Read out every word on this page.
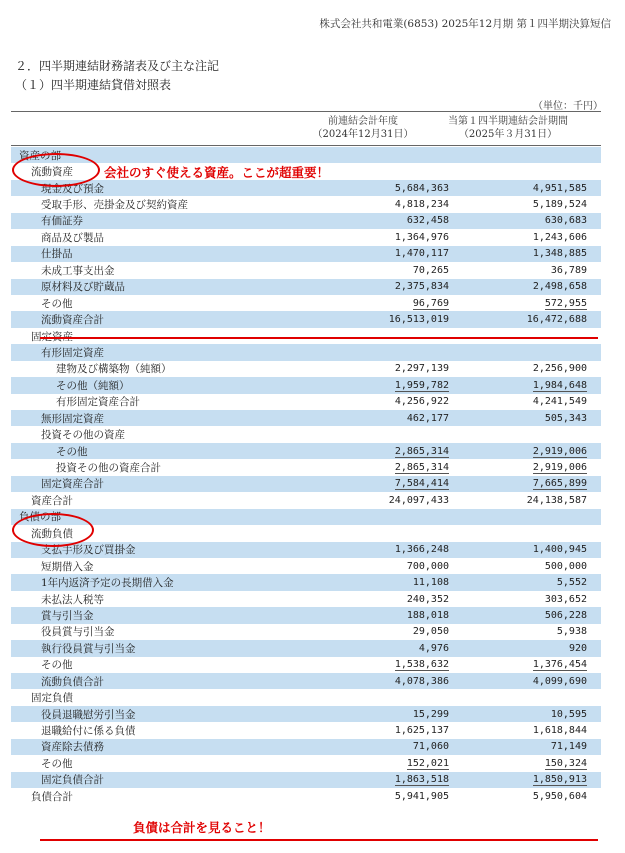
株式会社共和電業(6853) 2025年12月期 第１四半期決算短信
２．四半期連結財務諸表及び主な注記
（１）四半期連結貸借対照表
（単位：千円）
前連結会計年度
（2024年12月31日）
当第１四半期連結会計期間
（2025年３月31日）
資産の部		
流動資産		
現金及び預金	5,684,363	4,951,585
受取手形、売掛金及び契約資産	4,818,234	5,189,524
有価証券	632,458	630,683
商品及び製品	1,364,976	1,243,606
仕掛品	1,470,117	1,348,885
未成工事支出金	70,265	36,789
原材料及び貯蔵品	2,375,834	2,498,658
その他	96,769	572,955
流動資産合計	16,513,019	16,472,688
固定資産		
有形固定資産		
建物及び構築物（純額）	2,297,139	2,256,900
その他（純額）	1,959,782	1,984,648
有形固定資産合計	4,256,922	4,241,549
無形固定資産	462,177	505,343
投資その他の資産		
その他	2,865,314	2,919,006
投資その他の資産合計	2,865,314	2,919,006
固定資産合計	7,584,414	7,665,899
資産合計	24,097,433	24,138,587
負債の部		
流動負債		
支払手形及び買掛金	1,366,248	1,400,945
短期借入金	700,000	500,000
1年内返済予定の長期借入金	11,108	5,552
未払法人税等	240,352	303,652
賞与引当金	188,018	506,228
役員賞与引当金	29,050	5,938
執行役員賞与引当金	4,976	920
その他	1,538,632	1,376,454
流動負債合計	4,078,386	4,099,690
固定負債		
役員退職慰労引当金	15,299	10,595
退職給付に係る負債	1,625,137	1,618,844
資産除去債務	71,060	71,149
その他	152,021	150,324
固定負債合計	1,863,518	1,850,913
負債合計	5,941,905	5,950,604
会社のすぐ使える資産。ここが超重要！
負債は合計を見ること！
